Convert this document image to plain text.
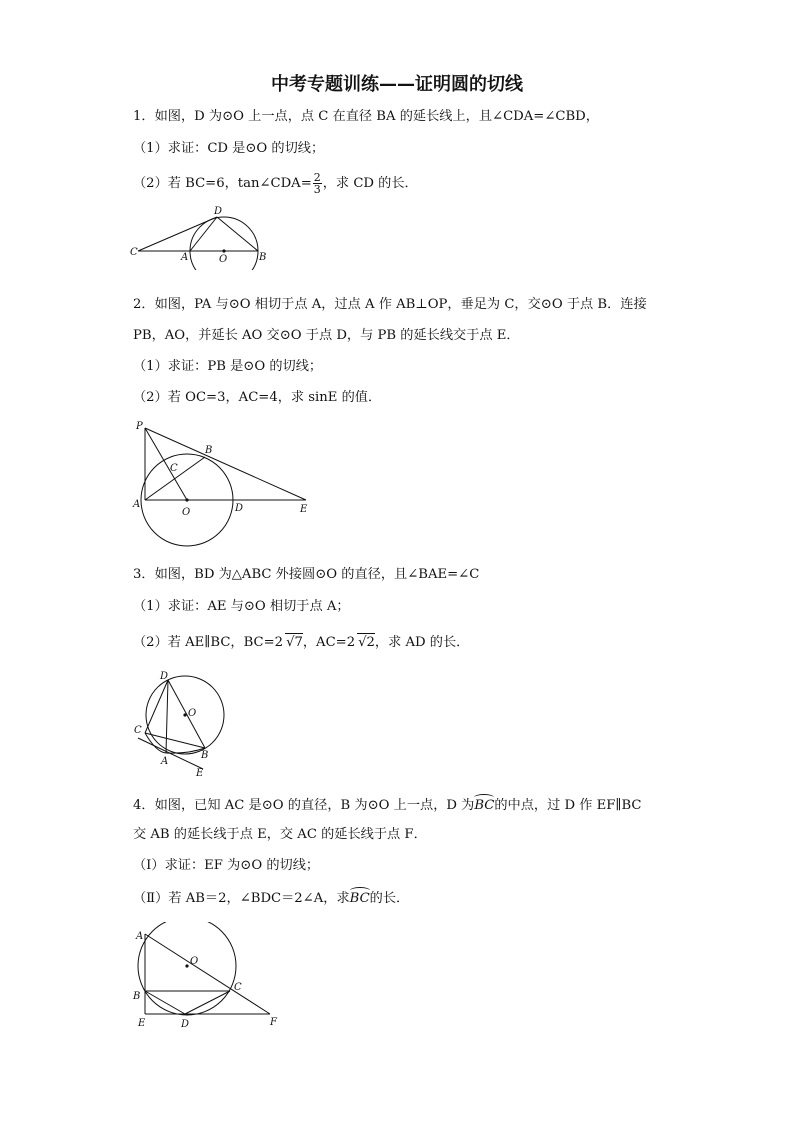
中考专题训练——证明圆的切线
1．如图，D 为⊙O 上一点，点 C 在直径 BA 的延长线上，且∠CDA=∠CBD，
（1）求证：CD 是⊙O 的切线；
（2）若 BC=6，tan∠CDA= $\frac{2}{3}$ ，求 CD 的长．
C
D
A	O	B
2．如图，PA 与⊙O 相切于点 A，过点 A 作 AB⊥OP，垂足为 C，交⊙O 于点 B．连接
PB，AO，并延长 AO 交⊙O 于点 D，与 PB 的延长线交于点 E．
（1）求证：PB 是⊙O 的切线；
（2）若 OC=3，AC=4，求 sinE 的值．
P
B
C
A
O	D	E
3．如图，BD 为△ABC 外接圆⊙O 的直径，且∠BAE=∠C
（1）求证：AE 与⊙O 相切于点 A；
（2）若 AE∥BC，BC=2 √7，AC=2 √2，求 AD 的长．
D
O
C
A
B
E
4．如图，已知 AC 是⊙O 的直径，B 为⊙O 上一点，D 为BC的中点，过 D 作 EF∥BC
交 AB 的延长线于点 E，交 AC 的延长线于点 F．
（Ⅰ）求证：EF 为⊙O 的切线；
（Ⅱ）若 AB＝2，∠BDC＝2∠A，求BC的长．
A
O
B
C
E	D	F
